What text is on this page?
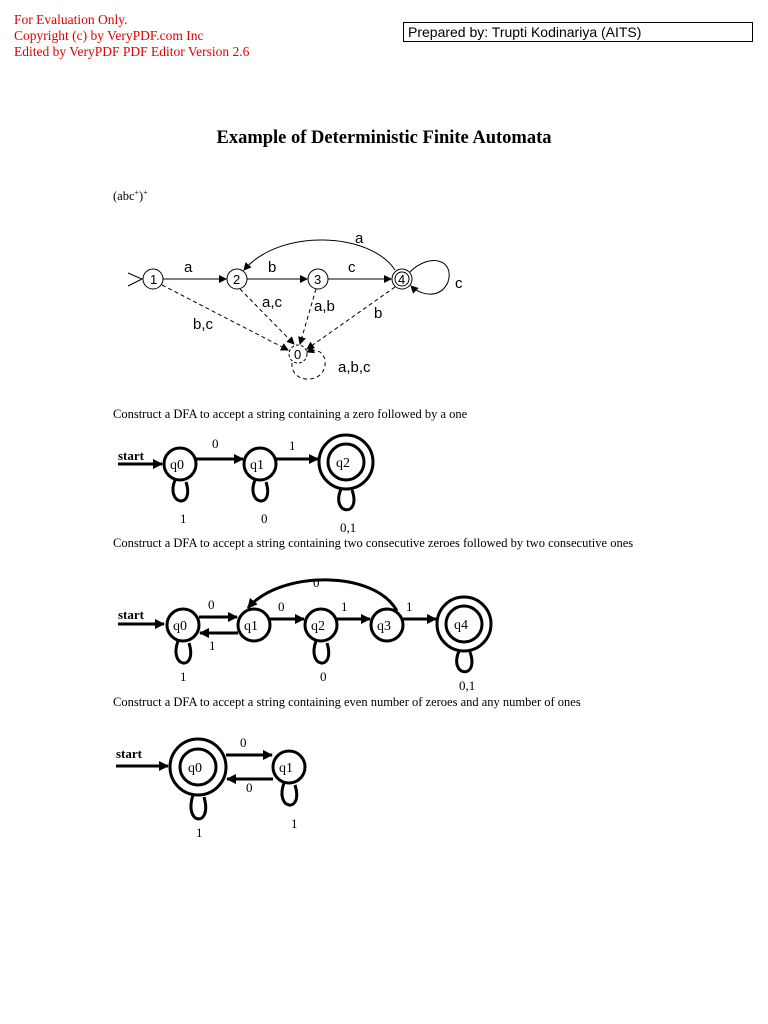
For Evaluation Only.
Copyright (c) by VeryPDF.com Inc
Edited by VeryPDF PDF Editor Version 2.6
Prepared by: Trupti Kodinariya (AITS)
Example of Deterministic Finite Automata
(abc+)+
Construct a DFA to accept a string containing a zero followed by a one
Construct a DFA to accept a string containing two consecutive zeroes followed by two consecutive ones
Construct a DFA to accept a string containing even number of zeroes and any number of ones
1	2	3	4
0
a	b	c
a
c
b,c
a,c a,b	b
a,b,c
start
q0	q1	q2
0	1
1	0
0,1
start
q0	q1	q2	q3	q4
0
1
0	1	1
0
1	0
0,1
start
q0	q1
0
0
1
1
